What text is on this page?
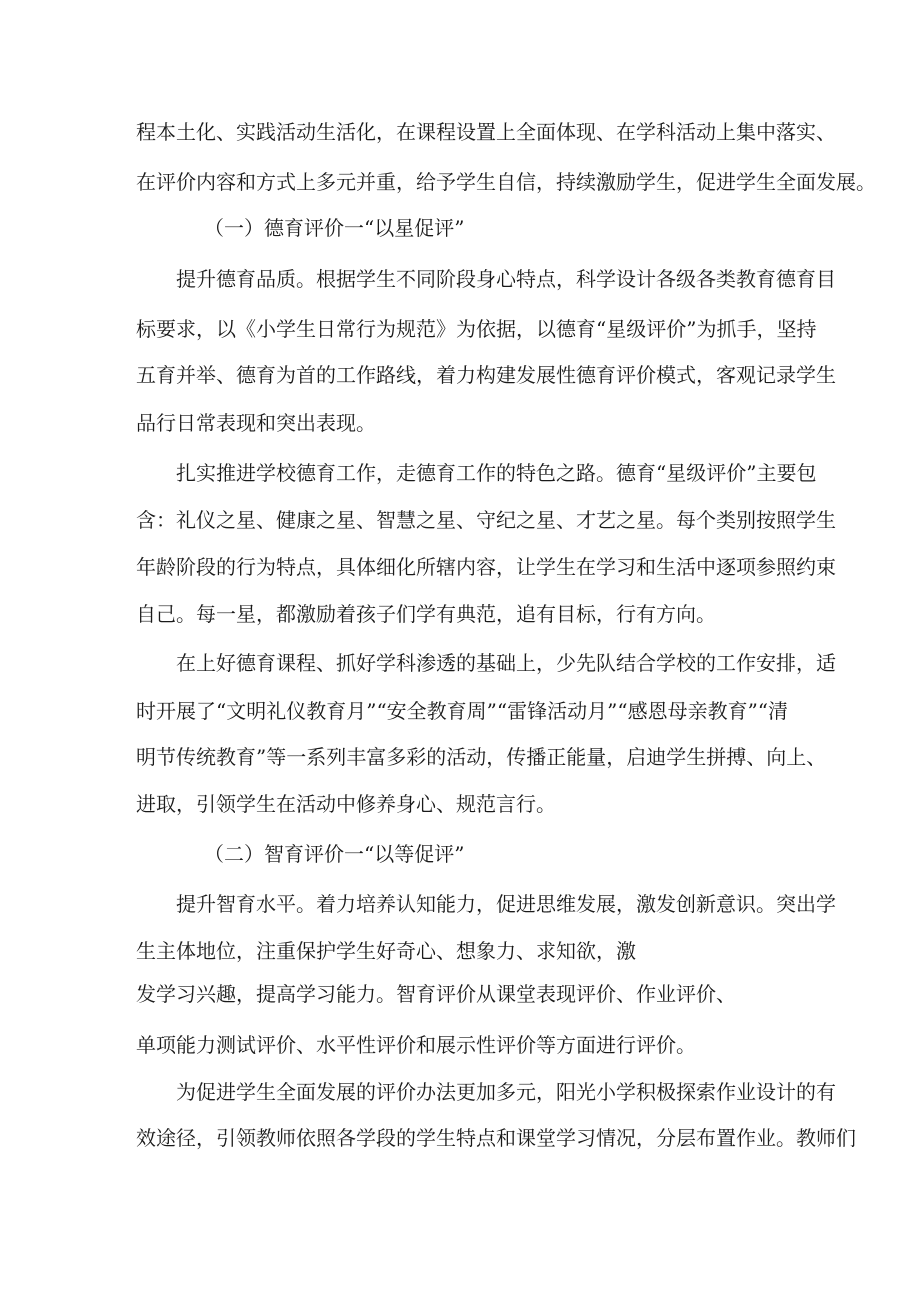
程本土化、实践活动生活化，在课程设置上全面体现、在学科活动上集中落实、
在评价内容和方式上多元并重，给予学生自信，持续激励学生，促进学生全面发展。
（一）德育评价一“以星促评”
提升德育品质。根据学生不同阶段身心特点，科学设计各级各类教育德育目
标要求，以《小学生日常行为规范》为依据，以德育“星级评价”为抓手，坚持
五育并举、德育为首的工作路线，着力构建发展性德育评价模式，客观记录学生
品行日常表现和突出表现。
扎实推进学校德育工作，走德育工作的特色之路。德育“星级评价”主要包
含：礼仪之星、健康之星、智慧之星、守纪之星、才艺之星。每个类别按照学生
年龄阶段的行为特点，具体细化所辖内容，让学生在学习和生活中逐项参照约束
自己。每一星，都激励着孩子们学有典范，追有目标，行有方向。
在上好德育课程、抓好学科渗透的基础上，少先队结合学校的工作安排，适
时开展了“文明礼仪教育月”“安全教育周”“雷锋活动月”“感恩母亲教育”“清
明节传统教育”等一系列丰富多彩的活动，传播正能量，启迪学生拼搏、向上、
进取，引领学生在活动中修养身心、规范言行。
（二）智育评价一“以等促评”
提升智育水平。着力培养认知能力，促进思维发展，激发创新意识。突出学
生主体地位，注重保护学生好奇心、想象力、求知欲，激
发学习兴趣，提高学习能力。智育评价从课堂表现评价、作业评价、
单项能力测试评价、水平性评价和展示性评价等方面进行评价。
为促进学生全面发展的评价办法更加多元，阳光小学积极探索作业设计的有
效途径，引领教师依照各学段的学生特点和课堂学习情况，分层布置作业。教师们
